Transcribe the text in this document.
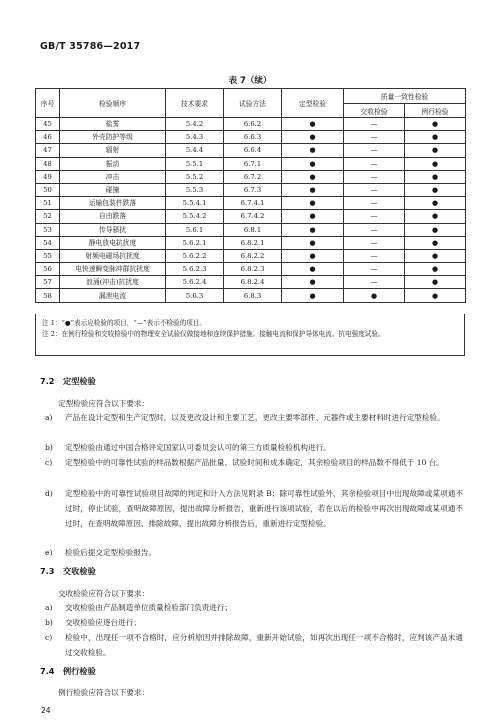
GB/T 35786—2017
表 7（续）
序号	检验顺序	技术要求	试验方法	定型检验	质量一致性检验	
					交收检验	例行检验
45	盐雾	5.4.2	6.6.2	●	—	●
46	外壳防护等级	5.4.3	6.6.3	●	—	●
47	辐射	5.4.4	6.6.4	●	—	●
48	振动	5.5.1	6.7.1	●	—	●
49	冲击	5.5.2	6.7.2	●	—	●
50	碰撞	5.5.3	6.7.3	●	—	●
51	运输包装件跌落	5.5.4.1	6.7.4.1	●	—	●
52	自由跌落	5.5.4.2	6.7.4.2	●	—	●
53	传导骚扰	5.6.1	6.8.1	●	—	●
54	静电放电抗扰度	5.6.2.1	6.8.2.1	●	—	●
55	射频电磁场抗扰度	5.6.2.2	6.8.2.2	●	—	●
56	电快速瞬变脉冲群抗扰度	5.6.2.3	6.8.2.3	●	—	●
57	浪涌(冲击)抗扰度	5.6.2.4	6.8.2.4	●	—	●
58	漏泄电流	5.6.3	6.8.3	●	●	●
注 1：“●”表示应检验的项目，“—”表示不检验的项目。
注 2：在例行检验和交收检验中的物理安全试验仅做接地和连续保护措施、接触电流和保护导体电流、抗电强度试验。
7.2 定型检验
定型检验应符合以下要求：
a) 产品在设计定型和生产定型时，以及更改设计和主要工艺，更改主要零部件、元器件或主要材料时进行定型检验。
b) 定型检验由通过中国合格评定国家认可委员会认可的第三方质量检验机构进行。
c) 定型检验中的可靠性试验的样品数根据产品批量、试验时间和成本确定，其余检验项目的样品数不得低于 10 台。
d) 定型检验中的可靠性试验项目故障的判定和计入方法见附录 B；除可靠性试验外，其余检验项目中出现故障或某项通不过时，停止试验，查明故障原因，提出故障分析报告，重新进行该项试验，若在以后的检验中再次出现故障或某项通不过时，在查明故障原因、排除故障、提出故障分析报告后，重新进行定型检验。
e) 检验后提交定型检验报告。
7.3 交收检验
交收检验应符合以下要求：
a) 交收检验由产品制造单位质量检验部门负责进行；
b) 交收检验应逐台进行；
c) 检验中，出现任一项不合格时，应分析原因并排除故障，重新开始试验，如再次出现任一项不合格时，应判该产品未通过交收检验。
7.4 例行检验
例行检验应符合以下要求：
24
